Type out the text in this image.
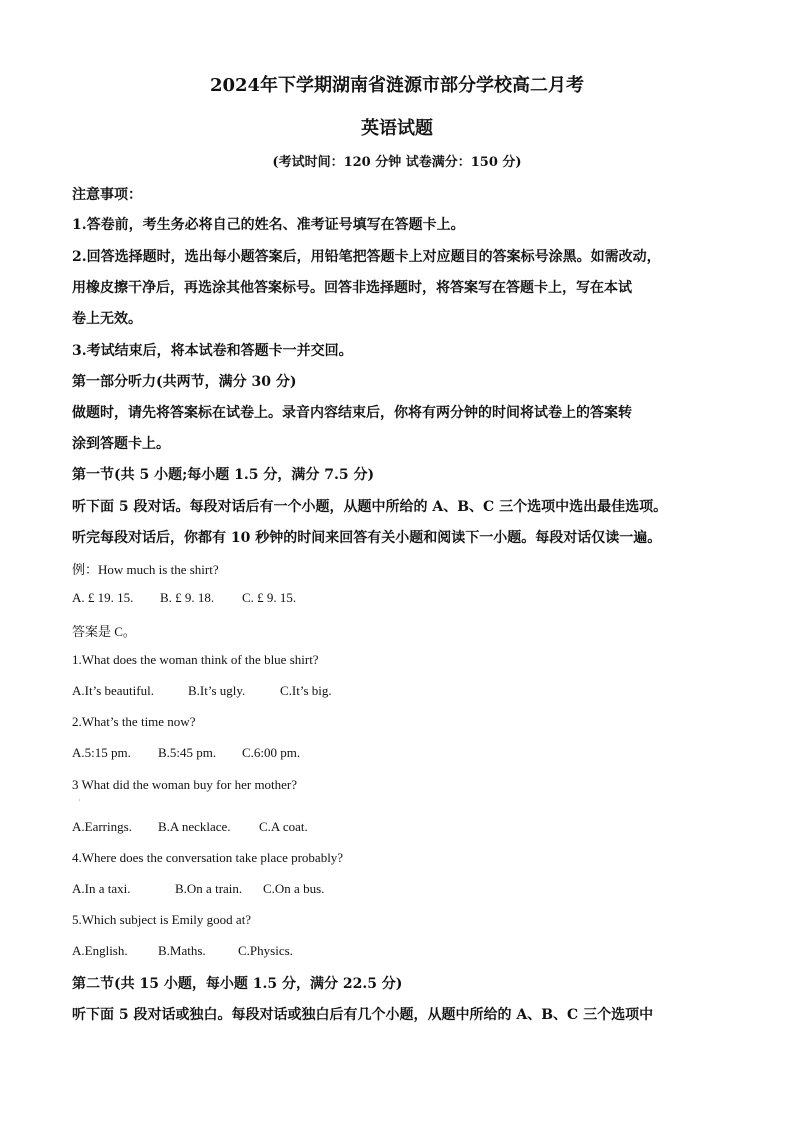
2024年下学期湖南省涟源市部分学校高二月考
英语试题
(考试时间：120 分钟 试卷满分：150 分)
注意事项：
1.答卷前，考生务必将自己的姓名、准考证号填写在答题卡上。
2.回答选择题时，选出每小题答案后，用铅笔把答题卡上对应题目的答案标号涂黑。如需改动，
用橡皮擦干净后，再选涂其他答案标号。回答非选择题时，将答案写在答题卡上，写在本试
卷上无效。
3.考试结束后，将本试卷和答题卡一并交回。
第一部分听力(共两节，满分 30 分)
做题时，请先将答案标在试卷上。录音内容结束后，你将有两分钟的时间将试卷上的答案转
涂到答题卡上。
第一节(共 5 小题;每小题 1.5 分，满分 7.5 分)
听下面 5 段对话。每段对话后有一个小题，从题中所给的 A、B、C 三个选项中选出最佳选项。
听完每段对话后，你都有 10 秒钟的时间来回答有关小题和阅读下一小题。每段对话仅读一遍。
例：How much is the shirt?
A. £ 19. 15. B. £ 9. 18. C. £ 9. 15.
答案是 C。
1.What does the woman think of the blue shirt?
A.It’s beautiful.	B.It’s ugly.	C.It’s big.
2.What’s the time now?
A.5:15 pm. B.5:45 pm. C.6:00 pm.
3 What did the woman buy for her mother?
·
A.Earrings. B.A necklace. C.A coat.
4.Where does the conversation take place probably?
A.In a taxi.	B.On a train. C.On a bus.
5.Which subject is Emily good at?
A.English. B.Maths. C.Physics.
第二节(共 15 小题，每小题 1.5 分，满分 22.5 分)
听下面 5 段对话或独白。每段对话或独白后有几个小题，从题中所给的 A、B、C 三个选项中
